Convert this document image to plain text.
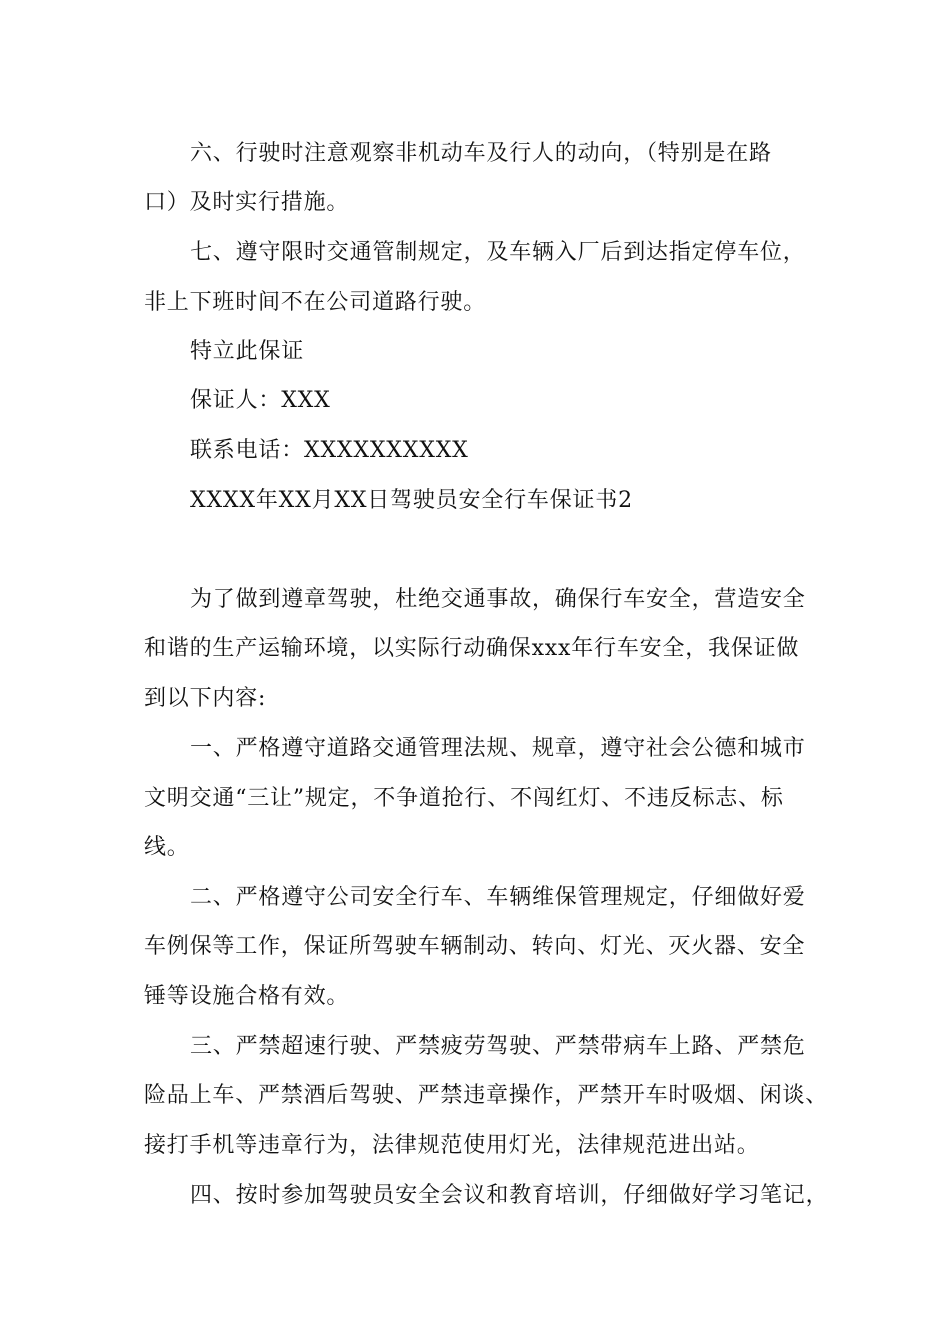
六、行驶时注意观察非机动车及行人的动向，（特别是在路
口）及时实行措施。
七、遵守限时交通管制规定，及车辆入厂后到达指定停车位，
非上下班时间不在公司道路行驶。
特立此保证
保证人：XXX
联系电话：XXXXXXXXXX
XXXX年XX月XX日驾驶员安全行车保证书2
为了做到遵章驾驶，杜绝交通事故，确保行车安全，营造安全
和谐的生产运输环境，以实际行动确保xxx年行车安全，我保证做
到以下内容:
一、严格遵守道路交通管理法规、规章，遵守社会公德和城市
文明交通“三让”规定，不争道抢行、不闯红灯、不违反标志、标
线。
二、严格遵守公司安全行车、车辆维保管理规定，仔细做好爱
车例保等工作，保证所驾驶车辆制动、转向、灯光、灭火器、安全
锤等设施合格有效。
三、严禁超速行驶、严禁疲劳驾驶、严禁带病车上路、严禁危
险品上车、严禁酒后驾驶、严禁违章操作，严禁开车时吸烟、闲谈、
接打手机等违章行为，法律规范使用灯光，法律规范进出站。
四、按时参加驾驶员安全会议和教育培训，仔细做好学习笔记，
